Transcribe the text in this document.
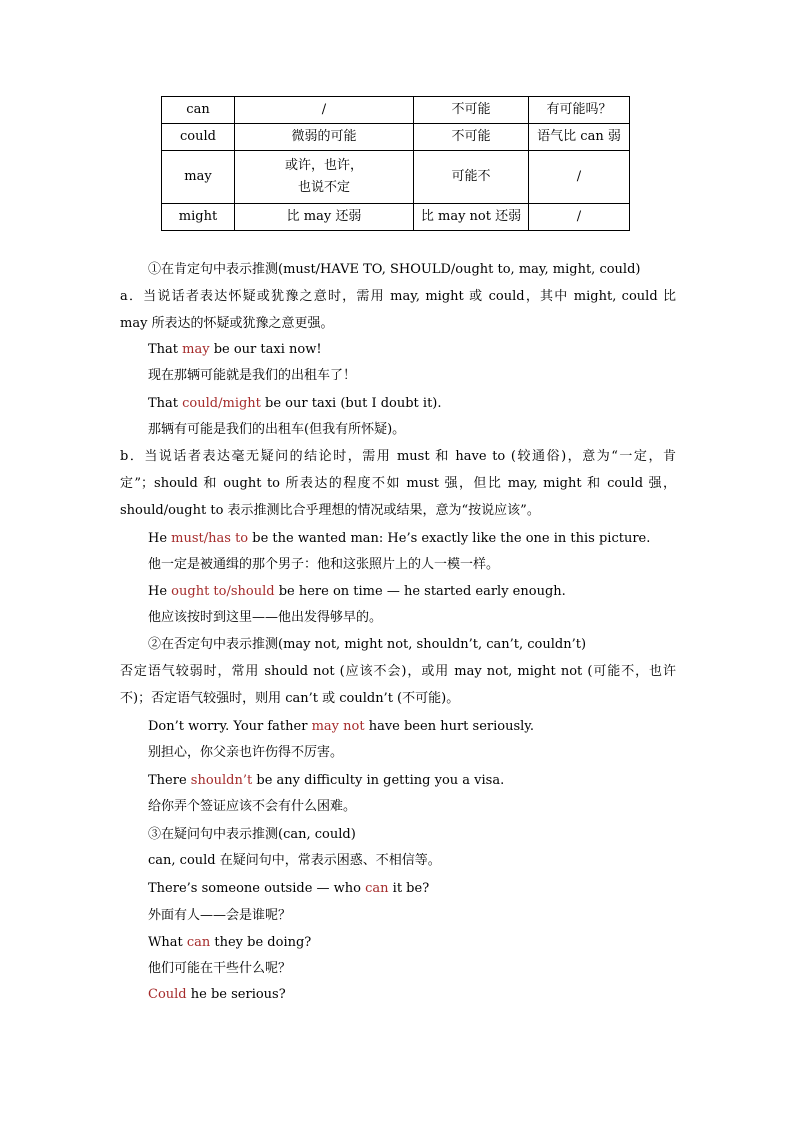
can	/	不可能	有可能吗？
could	微弱的可能	不可能	语气比 can 弱
may	或许，也许，
也说不定	可能不	/
might	比 may 还弱	比 may not 还弱	/
①在肯定句中表示推测(must/HAVE TO, SHOULD/ought to, may, might, could)
a．当说话者表达怀疑或犹豫之意时，需用 may, might 或 could，其中 might, could 比
may 所表达的怀疑或犹豫之意更强。
That may be our taxi now!
现在那辆可能就是我们的出租车了！
That could/might be our taxi (but I doubt it).
那辆有可能是我们的出租车(但我有所怀疑)。
b．当说话者表达毫无疑问的结论时，需用 must 和 have to (较通俗)，意为“一定，肯
定”；should 和 ought to 所表达的程度不如 must 强，但比 may, might 和 could 强，
should/ought to 表示推测比合乎理想的情况或结果，意为“按说应该”。
He must/has to be the wanted man: He’s exactly like the one in this picture.
他一定是被通缉的那个男子：他和这张照片上的人一模一样。
He ought to/should be here on time — he started early enough.
他应该按时到这里——他出发得够早的。
②在否定句中表示推测(may not, might not, shouldn’t, can’t, couldn’t)
否定语气较弱时，常用 should not (应该不会)，或用 may not, might not (可能不，也许
不)；否定语气较强时，则用 can’t 或 couldn’t (不可能)。
Don’t worry. Your father may not have been hurt seriously.
别担心，你父亲也许伤得不厉害。
There shouldn’t be any difficulty in getting you a visa.
给你弄个签证应该不会有什么困难。
③在疑问句中表示推测(can, could)
can, could 在疑问句中，常表示困惑、不相信等。
There’s someone outside — who can it be?
外面有人——会是谁呢？
What can they be doing?
他们可能在干些什么呢？
Could he be serious?
